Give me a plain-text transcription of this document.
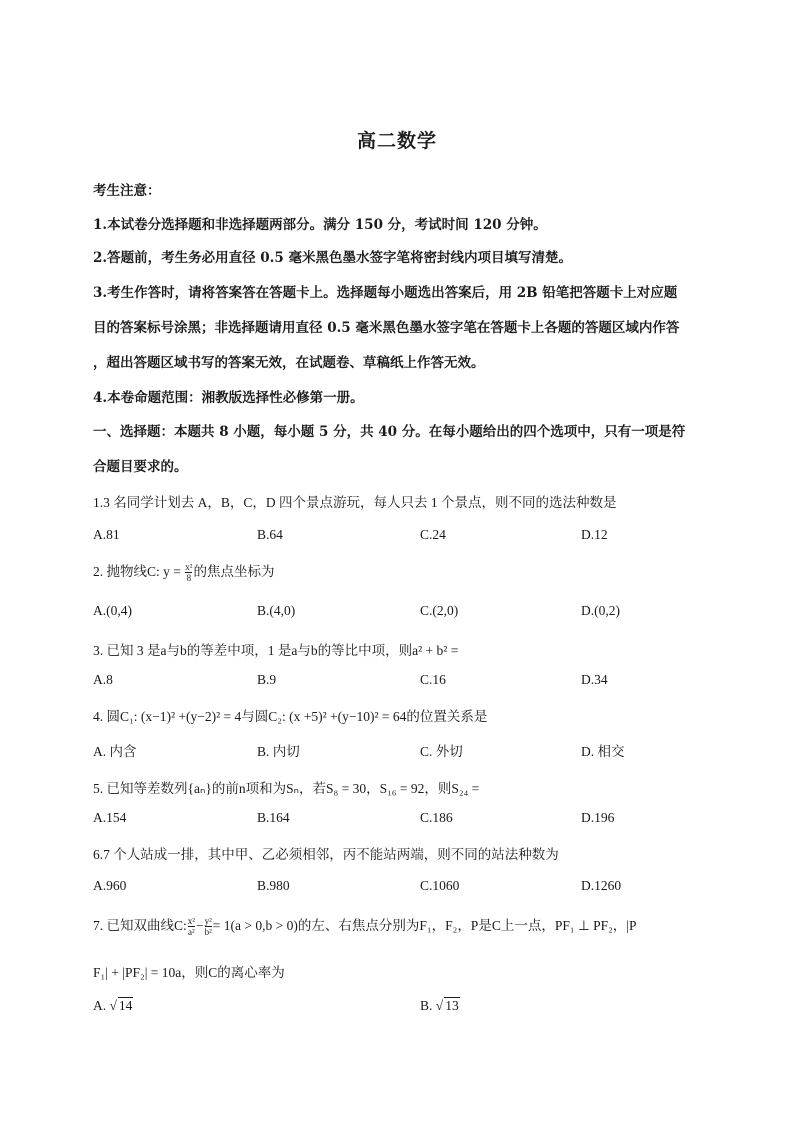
高二数学
考生注意：
1.本试卷分选择题和非选择题两部分。满分 150 分，考试时间 120 分钟。
2.答题前，考生务必用直径 0.5 毫米黑色墨水签字笔将密封线内项目填写清楚。
3.考生作答时，请将答案答在答题卡上。选择题每小题选出答案后，用 2B 铅笔把答题卡上对应题
目的答案标号涂黑；非选择题请用直径 0.5 毫米黑色墨水签字笔在答题卡上各题的答题区域内作答
，超出答题区域书写的答案无效，在试题卷、草稿纸上作答无效。
4.本卷命题范围：湘教版选择性必修第一册。
一、选择题：本题共 8 小题，每小题 5 分，共 40 分。在每小题给出的四个选项中，只有一项是符
合题目要求的。
1.3 名同学计划去 A，B，C，D 四个景点游玩，每人只去 1 个景点，则不同的选法种数是
A.81	B.64	C.24	D.12
2. 抛物线C: $y = \frac{\text{x²}}{8}$ 的焦点坐标为
A.(0,4)	B.(4,0)	C.(2,0)	D.(0,2)
3. 已知 3 是a与b的等差中项，1 是a与b的等比中项，则a² + b² =
A.8	B.9	C.16	D.34
4. 圆C₁: (x−1)² +(y−2)² = 4与圆C₂: (x +5)² +(y−10)² = 64的位置关系是
A. 内含	B. 内切	C. 外切	D. 相交
5. 已知等差数列{aₙ}的前n项和为Sₙ，若S₈ = 30，S₁₆ = 92，则S₂₄ =
A.154	B.164	C.186	D.196
6.7 个人站成一排，其中甲、乙必须相邻，丙不能站两端，则不同的站法种数为
A.960	B.980	C.1060	D.1260
7. 已知双曲线C: $\frac{\text{x²}}{\text{a²}} - \frac{\text{y²}}{\text{b²}} = 1(a > 0,b > 0)$的左、右焦点分别为F₁，F₂，P是C上一点，PF₁ ⊥ PF₂，|P
F₁| + |PF₂| = 10a，则C的离心率为
A. √ 14	B. √ 13
